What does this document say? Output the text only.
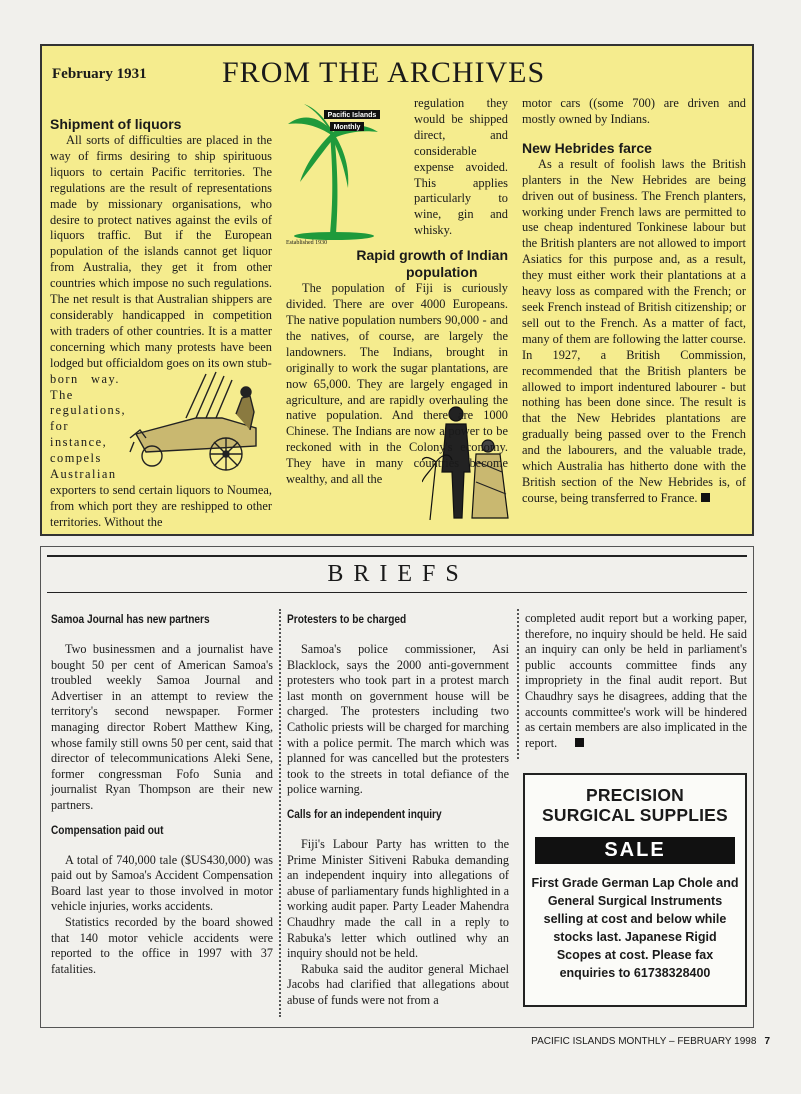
February 1931	FROM THE ARCHIVES
Shipment of liquors

All sorts of difficulties are placed in the way of firms desiring to ship spirituous liquors to certain Pacific territories. The regulations are the result of representations made by missionary organisations, who desire to protect natives against the evils of liquors traffic. But if the European population of the islands cannot get liquor from Australia, they get it from other countries which impose no such regulations. The net result is that Australian shippers are considerably handicapped in competition with traders of other countries. It is a matter concerning which many protests have been lodged but officialdom goes on its own stub-

born way. The regulations, for instance, compels Australian

exporters to send certain liquors to Noumea, from which port they are reshipped to other territories. Without the

Pacific Islands
Monthly
Established 1930

regulation they would be shipped direct, and considerable expense avoided. This applies particularly to wine, gin and whisky.

Rapid growth of Indian population

The population of Fiji is curiously divided. There are over 4000 Europeans. The native population numbers 90,000 - and the natives, of course, are largely the landowners. The Indians, brought in originally to work the sugar plantations, are now 65,000. They are largely engaged in agriculture, and are rapidly overhauling the native population. And there are 1000 Chinese. The Indians are now a power to be reckoned with in the Colony's economy. They have in many countries become wealthy, and all the

motor cars ((some 700) are driven and mostly owned by Indians.

New Hebrides farce

As a result of foolish laws the British planters in the New Hebrides are being driven out of business. The French planters, working under French laws are permitted to use cheap indentured Tonkinese labour but the British planters are not allowed to import Asiatics for this purpose and, as a result, they must either work their plantations at a heavy loss as compared with the French; or seek French instead of British citizenship; or sell out to the French. As a matter of fact, many of them are following the latter course. In 1927, a British Commission, recommended that the British planters be allowed to import indentured labourer - but nothing has been done since. The result is that the New Hebrides plantations are gradually being passed over to the French and the labourers, and the valuable trade, which Australia has hitherto done with the British section of the New Hebrides is, of course, being transferred to France.

BRIEFS
Samoa Journal has new partners

Two businessmen and a journalist have bought 50 per cent of American Samoa's troubled weekly Samoa Journal and Advertiser in an attempt to review the territory's second newspaper. Former managing director Robert Matthew King, whose family still owns 50 per cent, said that director of telecommunications Aleki Sene, former congressman Fofo Sunia and journalist Ryan Thompson are their new partners.

Compensation paid out

A total of 740,000 tale ($US430,000) was paid out by Samoa's Accident Compensation Board last year to those involved in motor vehicle injuries, works accidents.

Statistics recorded by the board showed that 140 motor vehicle accidents were reported to the office in 1997 with 37 fatalities.

Protesters to be charged

Samoa's police commissioner, Asi Blacklock, says the 2000 anti-government protesters who took part in a protest march last month on government house will be charged. The protesters including two Catholic priests will be charged for marching with a police permit. The march which was planned for was cancelled but the protesters took to the streets in total defiance of the police warning.

Calls for an independent inquiry

Fiji's Labour Party has written to the Prime Minister Sitiveni Rabuka demanding an independent inquiry into allegations of abuse of parliamentary funds highlighted in a working audit paper. Party Leader Mahendra Chaudhry made the call in a reply to Rabuka's letter which outlined why an inquiry should not be held.

Rabuka said the auditor general Michael Jacobs had clarified that allegations about abuse of funds were not from a

completed audit report but a working paper, therefore, no inquiry should be held. He said an inquiry can only be held in parliament's public accounts committee finds any impropriety in the final audit report. But Chaudhry says he disagrees, adding that the accounts committee's work will be hindered as certain members are also implicated in the report.

PRECISION
SURGICAL SUPPLIES
SALE
First Grade German Lap Chole and General Surgical Instruments selling at cost and below while stocks last. Japanese Rigid Scopes at cost. Please fax enquiries to 61738328400
PACIFIC ISLANDS MONTHLY – FEBRUARY 1998 7
